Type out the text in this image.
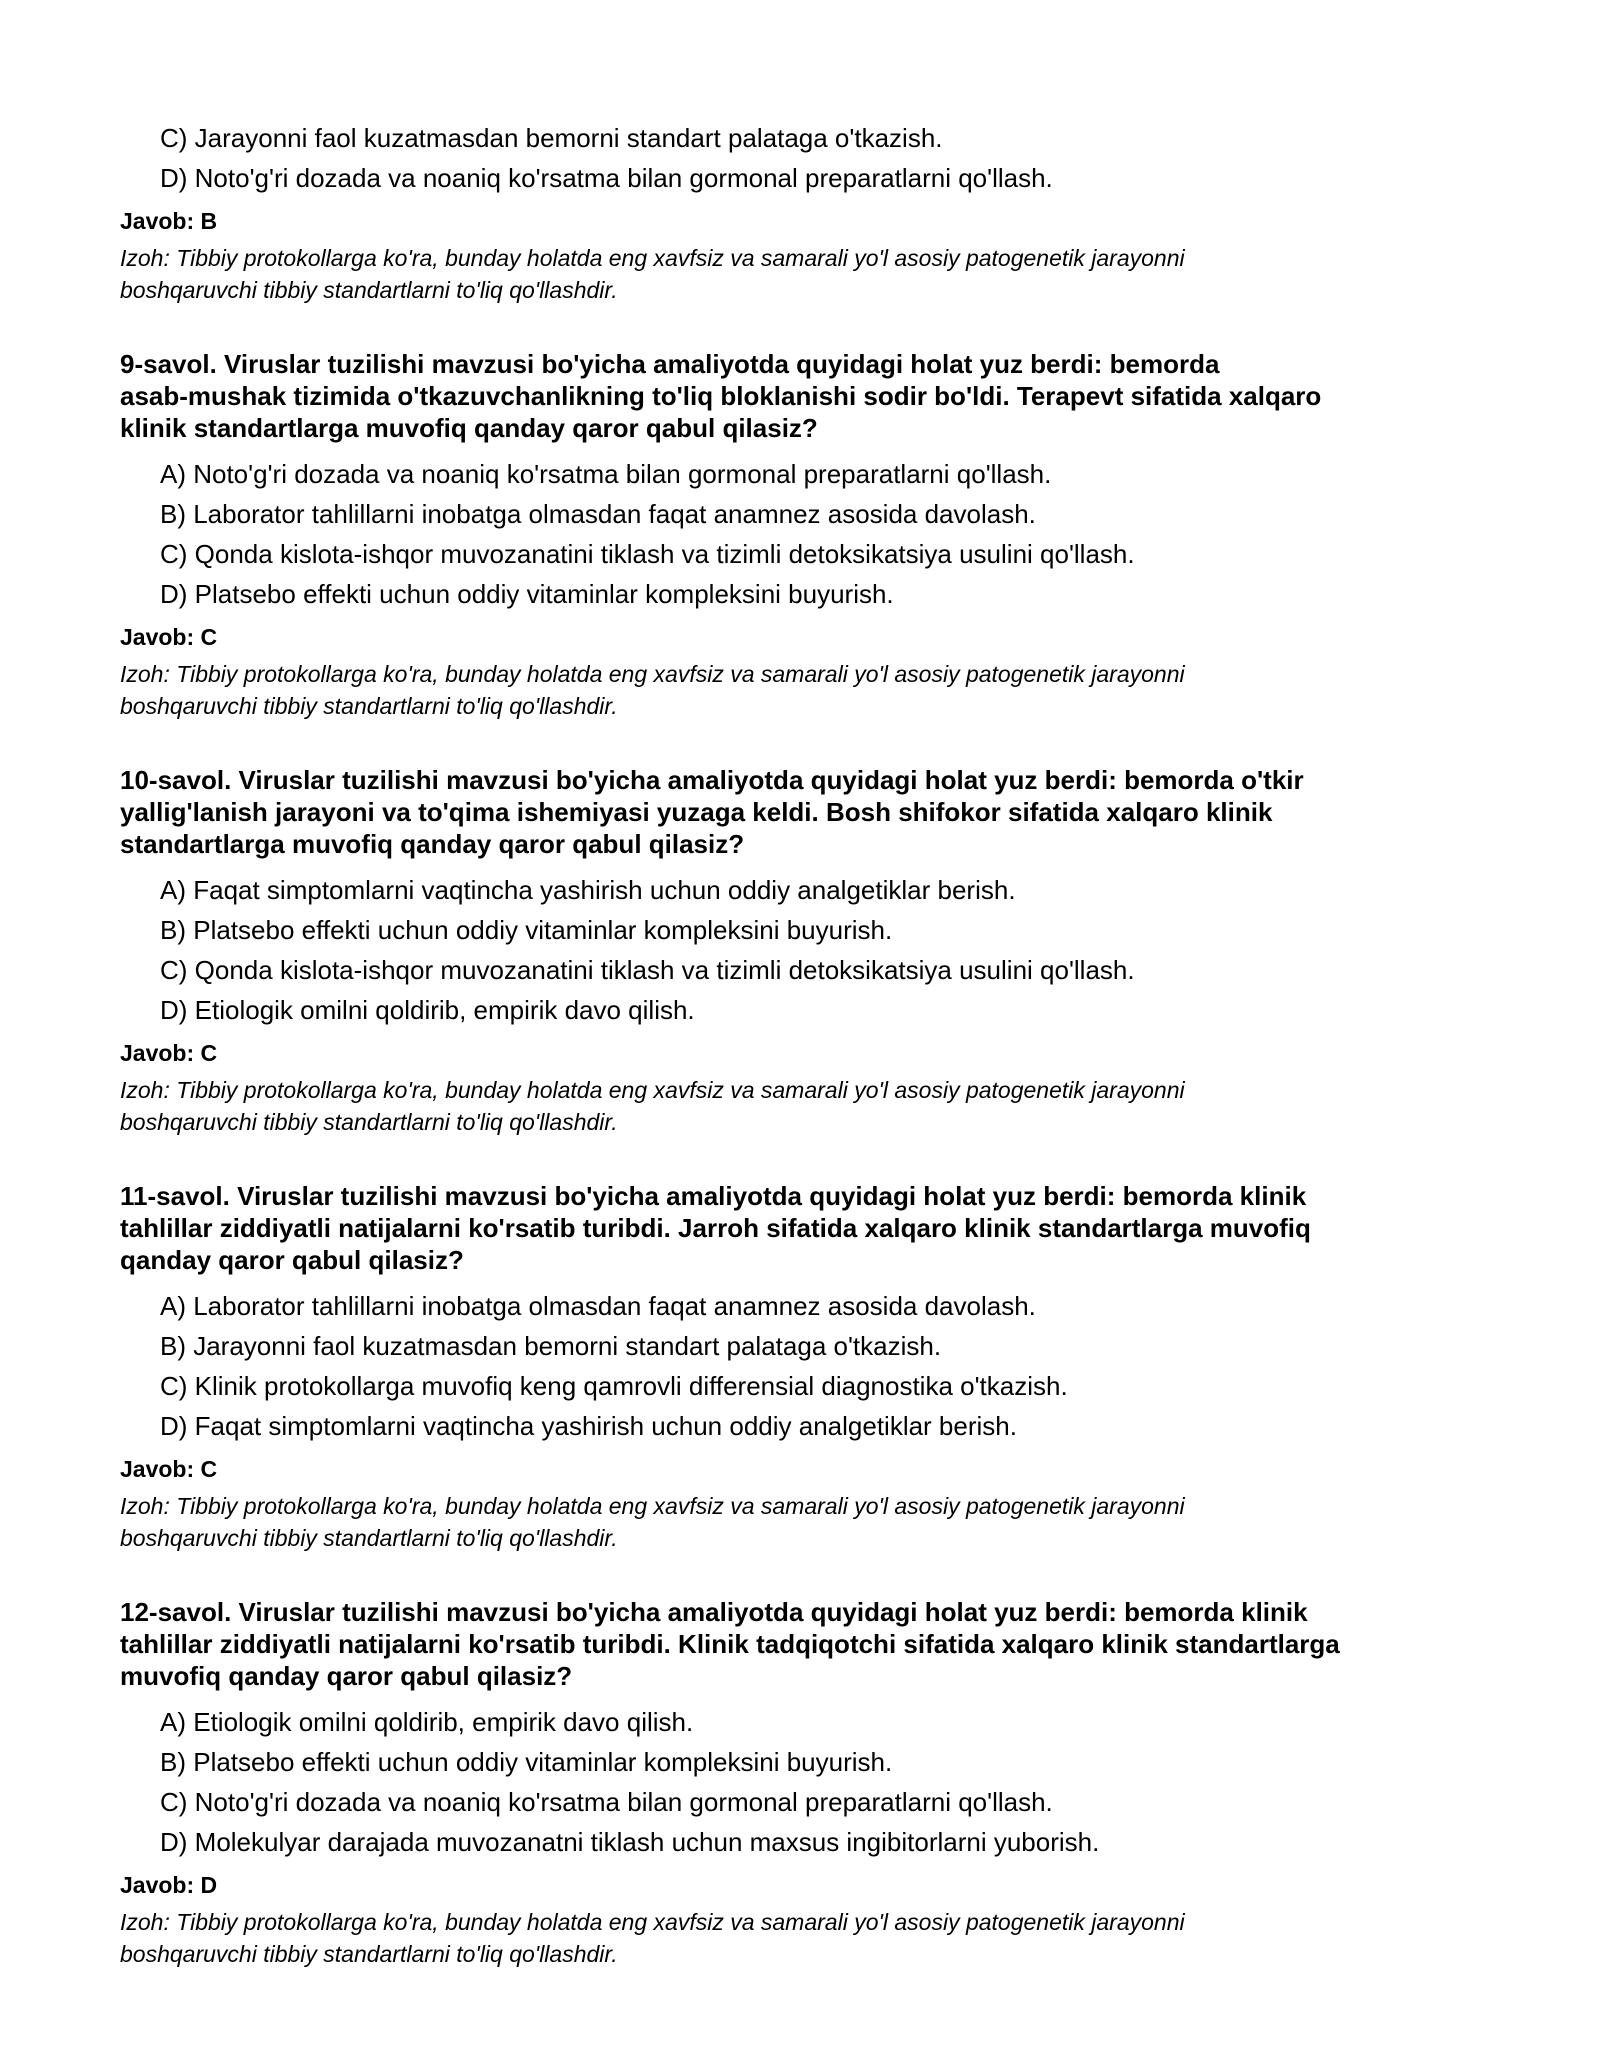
C) Jarayonni faol kuzatmasdan bemorni standart palataga o'tkazish.
D) Noto'g'ri dozada va noaniq ko'rsatma bilan gormonal preparatlarni qo'llash.
Javob: B
Izoh: Tibbiy protokollarga ko'ra, bunday holatda eng xavfsiz va samarali yo'l asosiy patogenetik jarayonni
boshqaruvchi tibbiy standartlarni to'liq qo'llashdir.
9-savol. Viruslar tuzilishi mavzusi bo'yicha amaliyotda quyidagi holat yuz berdi: bemorda
asab-mushak tizimida o'tkazuvchanlikning to'liq bloklanishi sodir bo'ldi. Terapevt sifatida xalqaro
klinik standartlarga muvofiq qanday qaror qabul qilasiz?
A) Noto'g'ri dozada va noaniq ko'rsatma bilan gormonal preparatlarni qo'llash.
B) Laborator tahlillarni inobatga olmasdan faqat anamnez asosida davolash.
C) Qonda kislota-ishqor muvozanatini tiklash va tizimli detoksikatsiya usulini qo'llash.
D) Platsebo effekti uchun oddiy vitaminlar kompleksini buyurish.
Javob: C
Izoh: Tibbiy protokollarga ko'ra, bunday holatda eng xavfsiz va samarali yo'l asosiy patogenetik jarayonni
boshqaruvchi tibbiy standartlarni to'liq qo'llashdir.
10-savol. Viruslar tuzilishi mavzusi bo'yicha amaliyotda quyidagi holat yuz berdi: bemorda o'tkir
yallig'lanish jarayoni va to'qima ishemiyasi yuzaga keldi. Bosh shifokor sifatida xalqaro klinik
standartlarga muvofiq qanday qaror qabul qilasiz?
A) Faqat simptomlarni vaqtincha yashirish uchun oddiy analgetiklar berish.
B) Platsebo effekti uchun oddiy vitaminlar kompleksini buyurish.
C) Qonda kislota-ishqor muvozanatini tiklash va tizimli detoksikatsiya usulini qo'llash.
D) Etiologik omilni qoldirib, empirik davo qilish.
Javob: C
Izoh: Tibbiy protokollarga ko'ra, bunday holatda eng xavfsiz va samarali yo'l asosiy patogenetik jarayonni
boshqaruvchi tibbiy standartlarni to'liq qo'llashdir.
11-savol. Viruslar tuzilishi mavzusi bo'yicha amaliyotda quyidagi holat yuz berdi: bemorda klinik
tahlillar ziddiyatli natijalarni ko'rsatib turibdi. Jarroh sifatida xalqaro klinik standartlarga muvofiq
qanday qaror qabul qilasiz?
A) Laborator tahlillarni inobatga olmasdan faqat anamnez asosida davolash.
B) Jarayonni faol kuzatmasdan bemorni standart palataga o'tkazish.
C) Klinik protokollarga muvofiq keng qamrovli differensial diagnostika o'tkazish.
D) Faqat simptomlarni vaqtincha yashirish uchun oddiy analgetiklar berish.
Javob: C
Izoh: Tibbiy protokollarga ko'ra, bunday holatda eng xavfsiz va samarali yo'l asosiy patogenetik jarayonni
boshqaruvchi tibbiy standartlarni to'liq qo'llashdir.
12-savol. Viruslar tuzilishi mavzusi bo'yicha amaliyotda quyidagi holat yuz berdi: bemorda klinik
tahlillar ziddiyatli natijalarni ko'rsatib turibdi. Klinik tadqiqotchi sifatida xalqaro klinik standartlarga
muvofiq qanday qaror qabul qilasiz?
A) Etiologik omilni qoldirib, empirik davo qilish.
B) Platsebo effekti uchun oddiy vitaminlar kompleksini buyurish.
C) Noto'g'ri dozada va noaniq ko'rsatma bilan gormonal preparatlarni qo'llash.
D) Molekulyar darajada muvozanatni tiklash uchun maxsus ingibitorlarni yuborish.
Javob: D
Izoh: Tibbiy protokollarga ko'ra, bunday holatda eng xavfsiz va samarali yo'l asosiy patogenetik jarayonni
boshqaruvchi tibbiy standartlarni to'liq qo'llashdir.
